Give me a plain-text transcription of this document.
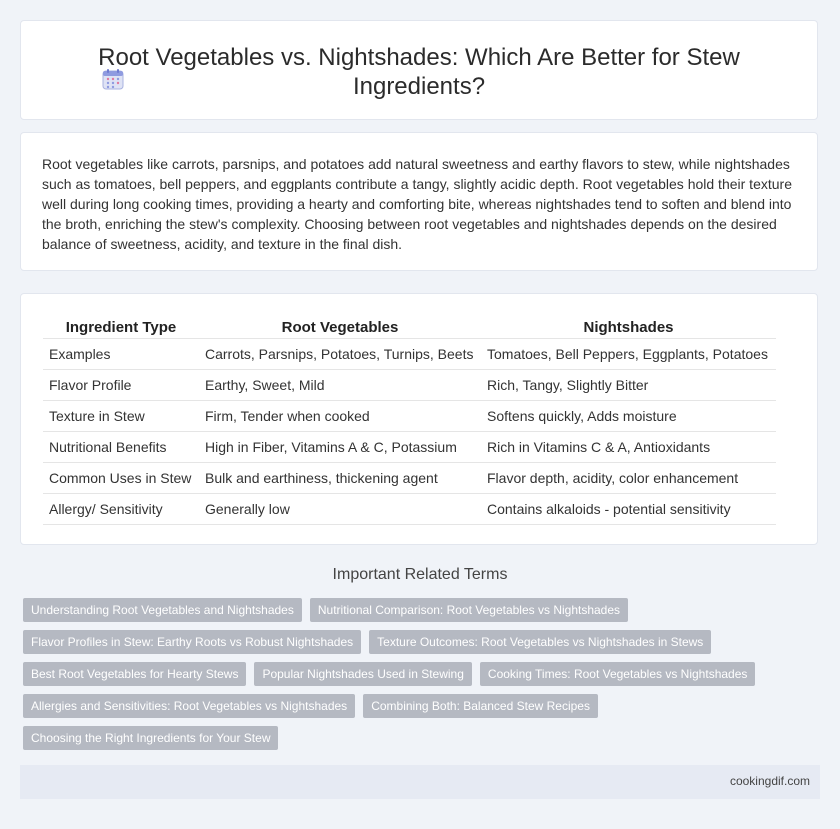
Root Vegetables vs. Nightshades: Which Are Better for Stew Ingredients?
Root vegetables like carrots, parsnips, and potatoes add natural sweetness and earthy flavors to stew, while nightshades such as tomatoes, bell peppers, and eggplants contribute a tangy, slightly acidic depth. Root vegetables hold their texture well during long cooking times, providing a hearty and comforting bite, whereas nightshades tend to soften and blend into the broth, enriching the stew's complexity. Choosing between root vegetables and nightshades depends on the desired balance of sweetness, acidity, and texture in the final dish.
Ingredient Type	Root Vegetables	Nightshades
Examples	Carrots, Parsnips, Potatoes, Turnips, Beets	Tomatoes, Bell Peppers, Eggplants, Potatoes
Flavor Profile	Earthy, Sweet, Mild	Rich, Tangy, Slightly Bitter
Texture in Stew	Firm, Tender when cooked	Softens quickly, Adds moisture
Nutritional Benefits	High in Fiber, Vitamins A & C, Potassium	Rich in Vitamins C & A, Antioxidants
Common Uses in Stew	Bulk and earthiness, thickening agent	Flavor depth, acidity, color enhancement
Allergy/ Sensitivity	Generally low	Contains alkaloids - potential sensitivity
Important Related Terms
Understanding Root Vegetables and Nightshades	Nutritional Comparison: Root Vegetables vs Nightshades
Flavor Profiles in Stew: Earthy Roots vs Robust Nightshades	Texture Outcomes: Root Vegetables vs Nightshades in Stews
Best Root Vegetables for Hearty Stews	Popular Nightshades Used in Stewing	Cooking Times: Root Vegetables vs Nightshades
Allergies and Sensitivities: Root Vegetables vs Nightshades	Combining Both: Balanced Stew Recipes
Choosing the Right Ingredients for Your Stew
cookingdif.com
